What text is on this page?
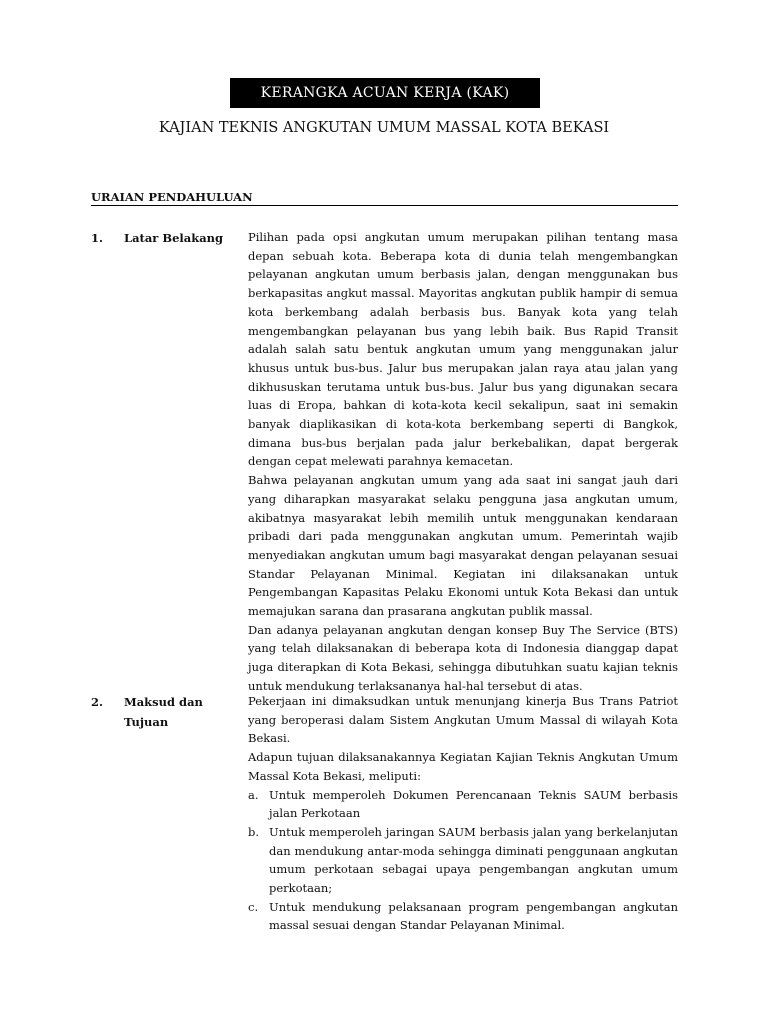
KERANGKA ACUAN KERJA (KAK)
KAJIAN TEKNIS ANGKUTAN UMUM MASSAL KOTA BEKASI
URAIAN PENDAHULUAN
1. Latar Belakang	Pilihan pada opsi angkutan umum merupakan pilihan tentang masa depan sebuah kota. Beberapa kota di dunia telah mengembangkan pelayanan angkutan umum berbasis jalan, dengan menggunakan bus berkapasitas angkut massal. Mayoritas angkutan publik hampir di semua kota berkembang adalah berbasis bus. Banyak kota yang telah mengembangkan pelayanan bus yang lebih baik. Bus Rapid Transit adalah salah satu bentuk angkutan umum yang menggunakan jalur khusus untuk bus-bus. Jalur bus merupakan jalan raya atau jalan yang dikhususkan terutama untuk bus-bus. Jalur bus yang digunakan secara luas di Eropa, bahkan di kota-kota kecil sekalipun, saat ini semakin banyak diaplikasikan di kota-kota berkembang seperti di Bangkok, dimana bus-bus berjalan pada jalur berkebalikan, dapat bergerak dengan cepat melewati parahnya kemacetan.

Bahwa pelayanan angkutan umum yang ada saat ini sangat jauh dari yang diharapkan masyarakat selaku pengguna jasa angkutan umum, akibatnya masyarakat lebih memilih untuk menggunakan kendaraan pribadi dari pada menggunakan angkutan umum. Pemerintah wajib menyediakan angkutan umum bagi masyarakat dengan pelayanan sesuai Standar Pelayanan Minimal. Kegiatan ini dilaksanakan untuk Pengembangan Kapasitas Pelaku Ekonomi untuk Kota Bekasi dan untuk memajukan sarana dan prasarana angkutan publik massal.

Dan adanya pelayanan angkutan dengan konsep Buy The Service (BTS) yang telah dilaksanakan di beberapa kota di Indonesia dianggap dapat juga diterapkan di Kota Bekasi, sehingga dibutuhkan suatu kajian teknis untuk mendukung terlaksananya hal-hal tersebut di atas.

2. Maksud dan Tujuan

Pekerjaan ini dimaksudkan untuk menunjang kinerja Bus Trans Patriot yang beroperasi dalam Sistem Angkutan Umum Massal di wilayah Kota Bekasi.

Adapun tujuan dilaksanakannya Kegiatan Kajian Teknis Angkutan Umum Massal Kota Bekasi, meliputi:

a. Untuk memperoleh Dokumen Perencanaan Teknis SAUM berbasis jalan Perkotaan
b. Untuk memperoleh jaringan SAUM berbasis jalan yang berkelanjutan dan mendukung antar-moda sehingga diminati penggunaan angkutan umum perkotaan sebagai upaya pengembangan angkutan umum perkotaan;
c. Untuk mendukung pelaksanaan program pengembangan angkutan massal sesuai dengan Standar Pelayanan Minimal.
